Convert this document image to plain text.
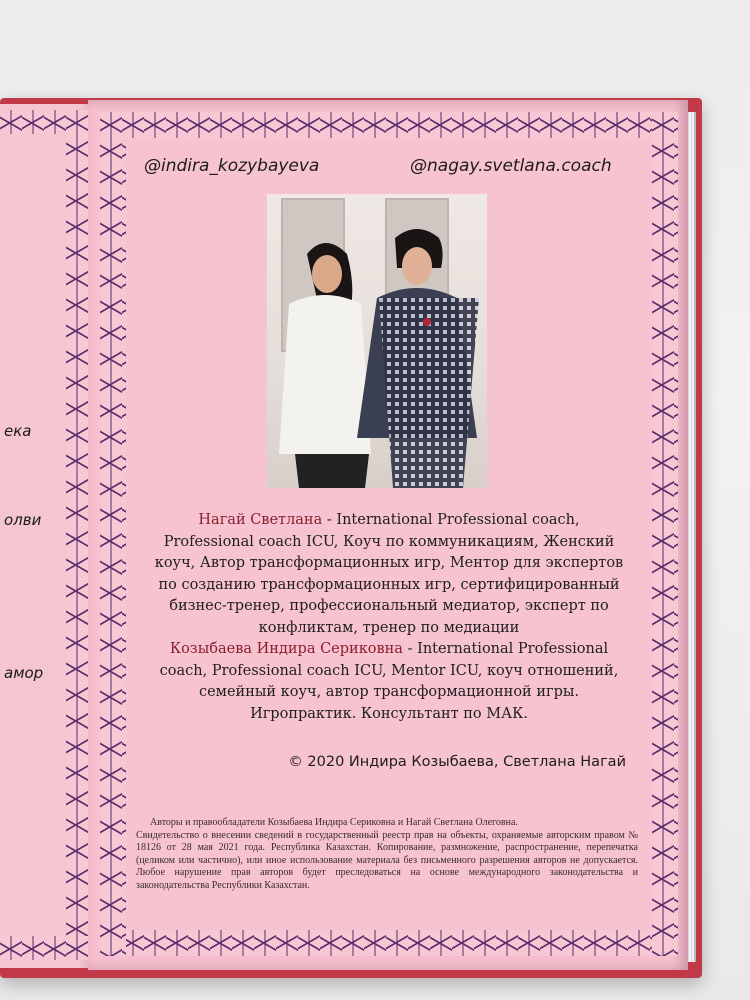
ека
олви
амор
@indira_kozybayeva	@nagay.svetlana.coach
Нагай Светлана - International Professional coach, Professional coach ICU, Коуч по коммуникациям, Женский коуч, Автор трансформационных игр, Ментор для экспертов по созданию трансформационных игр, сертифицированный бизнес-тренер, профессиональный медиатор, эксперт по конфликтам, тренер по медиации
Козыбаева Индира Сериковна - International Professional coach, Professional coach ICU, Mentor ICU, коуч отношений, семейный коуч, автор трансформационной игры. Игропрактик. Консультант по МАК.
© 2020 Индира Козыбаева, Светлана Нагай
Авторы и правообладатели Козыбаева Индира Сериковна и Нагай Светлана Олеговна.
Свидетельство о внесении сведений в государственный реестр прав на объекты, охраняемые авторским правом № 18126 от 28 мая 2021 года. Республика Казахстан. Копирование, размножение, распространение, перепечатка (целиком или частично), или иное использование материала без письменного разрешения авторов не допускается. Любое нарушение прав авторов будет преследоваться на основе международного законодательства и законодательства Республики Казахстан.
